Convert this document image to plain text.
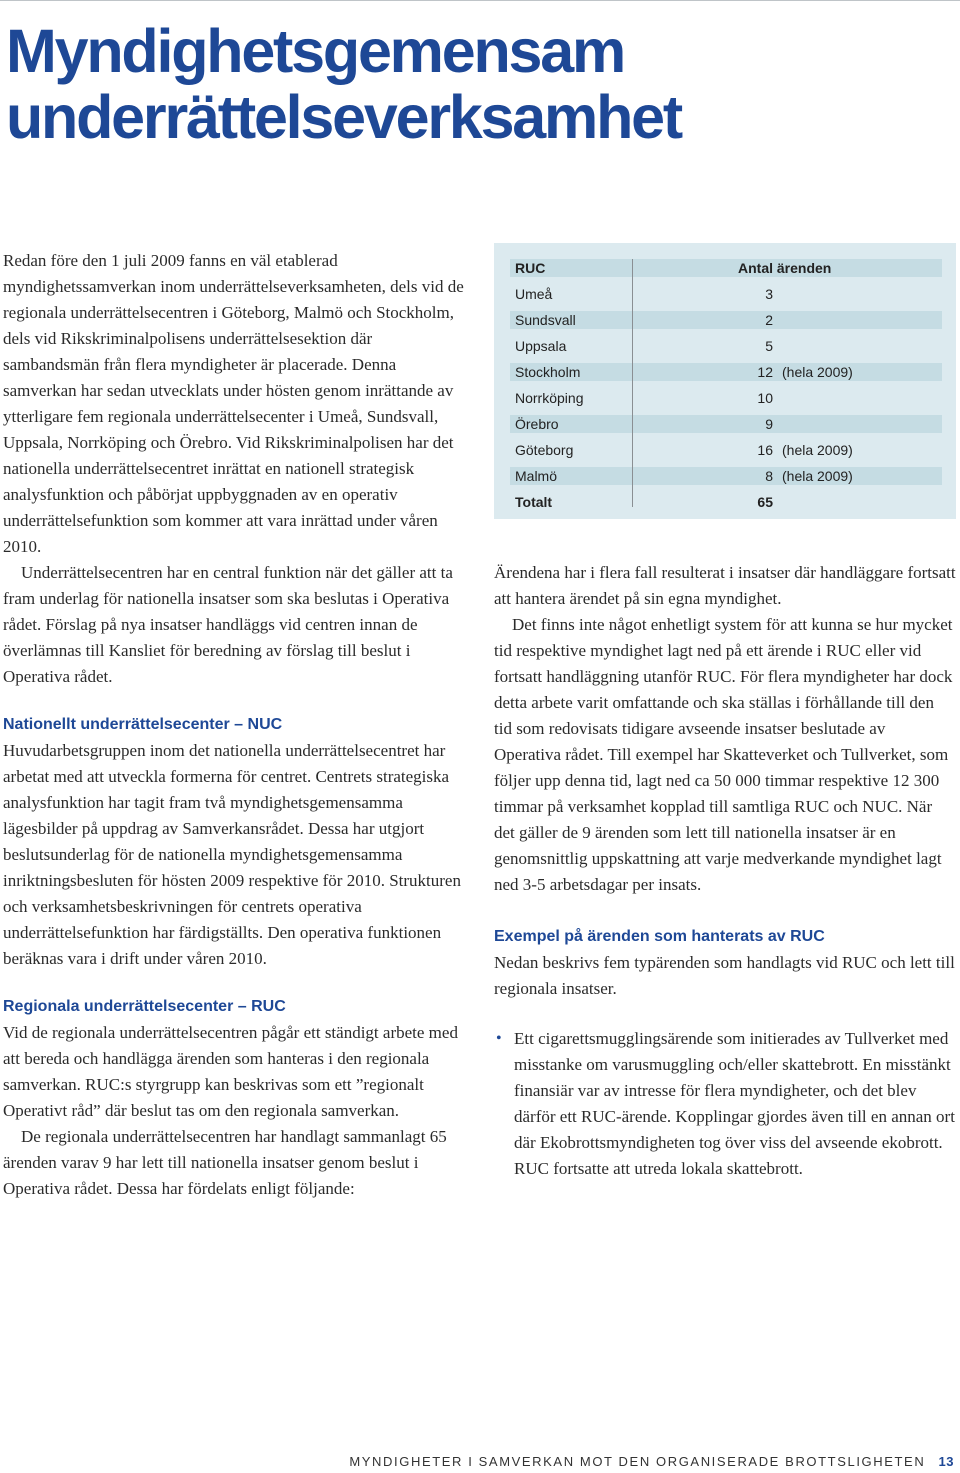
Myndighetsgemensam underrättelseverksamhet

Redan före den 1 juli 2009 fanns en väl etablerad myndighetssamverkan inom underrättelseverksamheten, dels vid de regionala underrättelsecentren i Göteborg, Malmö och Stockholm, dels vid Rikskriminalpolisens underrättelsesektion där sambandsmän från flera myndigheter är placerade. Denna samverkan har sedan utvecklats under hösten genom inrättande av ytterligare fem regionala underrättelsecenter i Umeå, Sundsvall, Uppsala, Norrköping och Örebro. Vid Rikskriminalpolisen har det nationella underrättelsecentret inrättat en nationell strategisk analysfunktion och påbörjat uppbyggnaden av en operativ underrättelsefunktion som kommer att vara inrättad under våren 2010.

Underrättelsecentren har en central funktion när det gäller att ta fram underlag för nationella insatser som ska beslutas i Operativa rådet. Förslag på nya insatser handläggs vid centren innan de överlämnas till Kansliet för beredning av förslag till beslut i Operativa rådet.

Nationellt underrättelsecenter – NUC

Huvudarbetsgruppen inom det nationella underrättelsecentret har arbetat med att utveckla formerna för centret. Centrets strategiska analysfunktion har tagit fram två myndighetsgemensamma lägesbilder på uppdrag av Samverkansrådet. Dessa har utgjort beslutsunderlag för de nationella myndighetsgemensamma inriktningsbesluten för hösten 2009 respektive för 2010. Strukturen och verksamhetsbeskrivningen för centrets operativa underrättelsefunktion har färdigställts. Den operativa funktionen beräknas vara i drift under våren 2010.

Regionala underrättelsecenter – RUC

Vid de regionala underrättelsecentren pågår ett ständigt arbete med att bereda och handlägga ärenden som hanteras i den regionala samverkan. RUC:s styrgrupp kan beskrivas som ett ”regionalt Operativt råd” där beslut tas om den regionala samverkan.

De regionala underrättelsecentren har handlagt sammanlagt 65 ärenden varav 9 har lett till nationella insatser genom beslut i Operativa rådet. Dessa har fördelats enligt följande:

RUC	Antal ärenden
Umeå	3
Sundsvall	2
Uppsala	5
Stockholm	12 (hela 2009)
Norrköping	10
Örebro	9
Göteborg	16 (hela 2009)
Malmö	8 (hela 2009)
Totalt	65

Ärendena har i flera fall resulterat i insatser där handläggare fortsatt att hantera ärendet på sin egna myndighet.

Det finns inte något enhetligt system för att kunna se hur mycket tid respektive myndighet lagt ned på ett ärende i RUC eller vid fortsatt handläggning utanför RUC. För flera myndigheter har dock detta arbete varit omfattande och ska ställas i förhållande till den tid som redovisats tidigare avseende insatser beslutade av Operativa rådet. Till exempel har Skatteverket och Tullverket, som följer upp denna tid, lagt ned ca 50 000 timmar respektive 12 300 timmar på verksamhet kopplad till samtliga RUC och NUC. När det gäller de 9 ärenden som lett till nationella insatser är en genomsnittlig uppskattning att varje medverkande myndighet lagt ned 3-5 arbetsdagar per insats.

Exempel på ärenden som hanterats av RUC

Nedan beskrivs fem typärenden som handlagts vid RUC och lett till regionala insatser.

• Ett cigarettsmugglingsärende som initierades av Tullverket med misstanke om varusmuggling och/eller skattebrott. En misstänkt finansiär var av intresse för flera myndigheter, och det blev därför ett RUC-ärende. Kopplingar gjordes även till en annan ort där Ekobrottsmyndigheten tog över viss del avseende ekobrott. RUC fortsatte att utreda lokala skattebrott.
MYNDIGHETER I SAMVERKAN MOT DEN ORGANISERADE BROTTSLIGHETEN 13
